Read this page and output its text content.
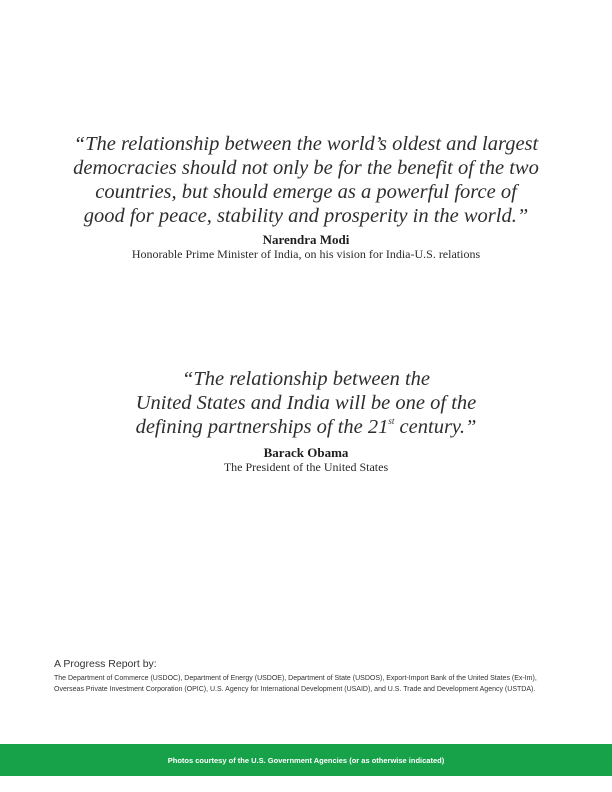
“The relationship between the world’s oldest and largest
democracies should not only be for the benefit of the two
countries, but should emerge as a powerful force of
good for peace, stability and prosperity in the world.”

Narendra Modi

Honorable Prime Minister of India, on his vision for India-U.S. relations

“The relationship between the
United States and India will be one of the
defining partnerships of the 21st century.”

Barack Obama

The President of the United States

A Progress Report by:

The Department of Commerce (USDOC), Department of Energy (USDOE), Department of State (USDOS), Export-Import Bank of the United States (Ex-Im), Overseas Private Investment Corporation (OPIC), U.S. Agency for International Development (USAID), and U.S. Trade and Development Agency (USTDA).

Photos courtesy of the U.S. Government Agencies (or as otherwise indicated)
